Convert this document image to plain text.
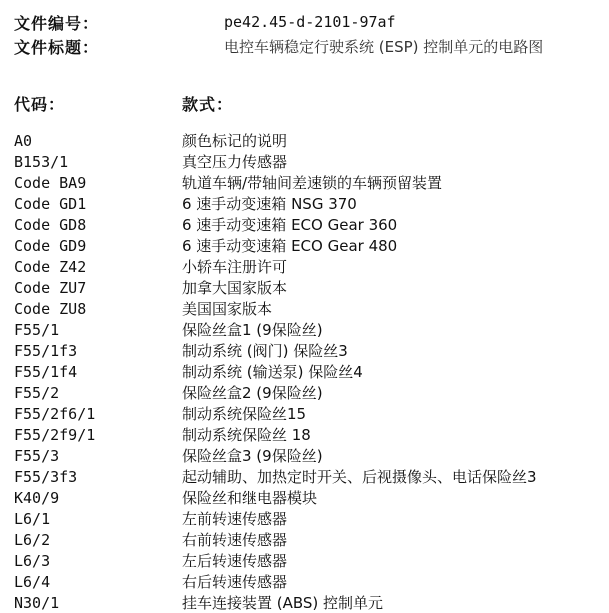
文件编号：	pe42.45-d-2101-97af
文件标题：	电控车辆稳定行驶系统 (ESP) 控制单元的电路图
代码：	款式：
A0	颜色标记的说明
B153/1	真空压力传感器
Code BA9	轨道车辆/带轴间差速锁的车辆预留装置
Code GD1	6 速手动变速箱 NSG 370
Code GD8	6 速手动变速箱 ECO Gear 360
Code GD9	6 速手动变速箱 ECO Gear 480
Code Z42	小轿车注册许可
Code ZU7	加拿大国家版本
Code ZU8	美国国家版本
F55/1	保险丝盒1 (9保险丝)
F55/1f3	制动系统 (阀门) 保险丝3
F55/1f4	制动系统 (输送泵) 保险丝4
F55/2	保险丝盒2 (9保险丝)
F55/2f6/1	制动系统保险丝15
F55/2f9/1	制动系统保险丝 18
F55/3	保险丝盒3 (9保险丝)
F55/3f3	起动辅助、加热定时开关、后视摄像头、电话保险丝3
K40/9	保险丝和继电器模块
L6/1	左前转速传感器
L6/2	右前转速传感器
L6/3	左后转速传感器
L6/4	右后转速传感器
N30/1	挂车连接装置 (ABS) 控制单元
